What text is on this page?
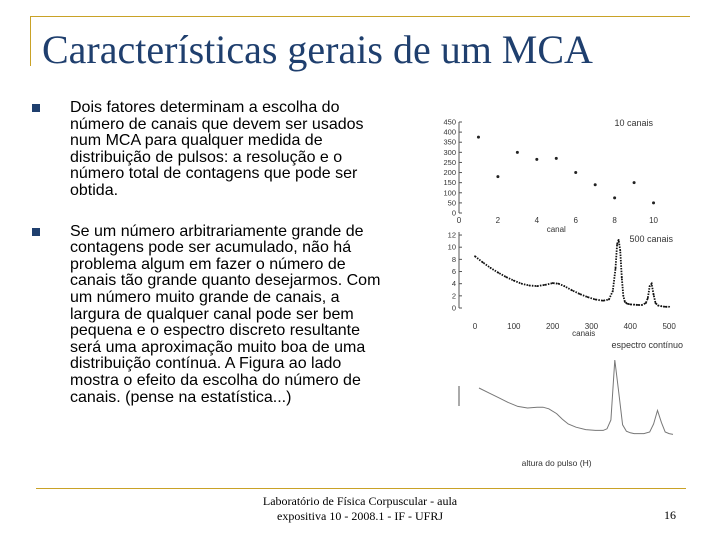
Características gerais de um MCA
Dois fatores determinam a escolha do número de canais que devem ser usados num MCA para qualquer medida de distribuição de pulsos: a resolução e o número total de contagens que pode ser obtida.
Se um número arbitrariamente grande de contagens pode ser acumulado, não há problema algum em fazer o número de canais tão grande quanto desejarmos. Com um número muito grande de canais, a largura de qualquer canal pode ser bem pequena e o espectro discreto resultante será uma aproximação muito boa de uma distribuição contínua. A Figura ao lado mostra o efeito da escolha do número de canais. (pense na estatística...)
0
50
100
150
200
250
300
350
400
450
0	2	4	6	8	10
10 canais
canal
0
2
4
6
8
10
12
0	100	200	300	400	500
500 canais
canais
espectro contínuo
altura do pulso (H)
Laboratório de Física Corpuscular - aula
expositiva 10 - 2008.1 - IF - UFRJ	16
